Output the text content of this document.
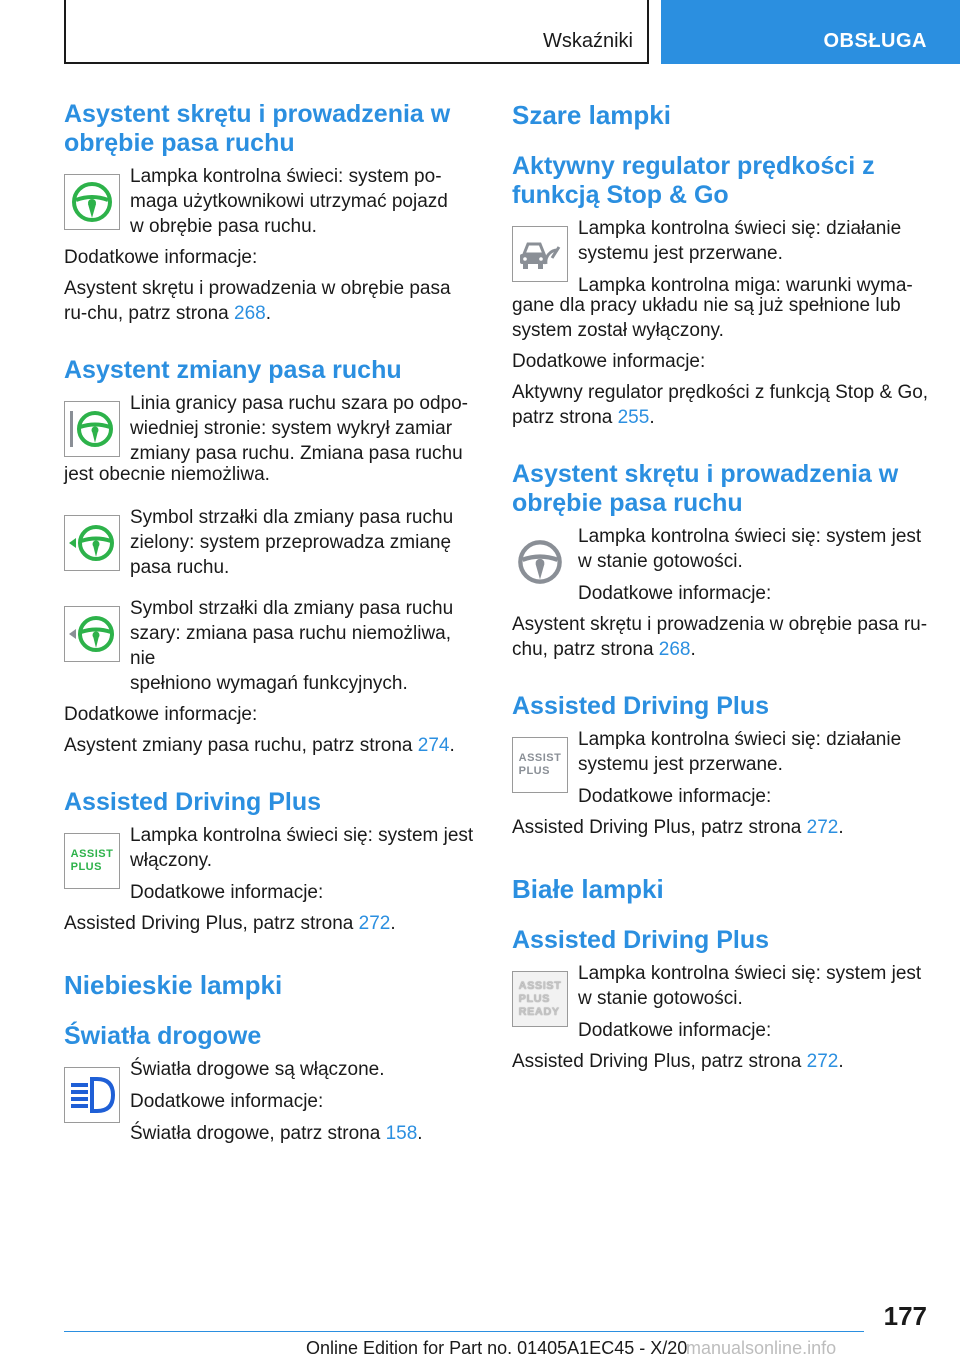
Wskaźniki	OBSŁUGA
Asystent skrętu i prowadzenia w obrębie pasa ruchu
Lampka kontrolna świeci: system po-
maga użytkownikowi utrzymać pojazd
w obrębie pasa ruchu.
Dodatkowe informacje:
Asystent skrętu i prowadzenia w obrębie pasa ru-chu, patrz strona 268.
Asystent zmiany pasa ruchu
Linia granicy pasa ruchu szara po odpo-
wiedniej stronie: system wykrył zamiar
zmiany pasa ruchu. Zmiana pasa ruchu
jest obecnie niemożliwa.
Symbol strzałki dla zmiany pasa ruchu
zielony: system przeprowadza zmianę
pasa ruchu.
Symbol strzałki dla zmiany pasa ruchu
szary: zmiana pasa ruchu niemożliwa, nie
spełniono wymagań funkcyjnych.
Dodatkowe informacje:
Asystent zmiany pasa ruchu, patrz strona 274.
Assisted Driving Plus
ASSIST
PLUS
Lampka kontrolna świeci się: system jest
włączony.
Dodatkowe informacje:
Assisted Driving Plus, patrz strona 272.
Niebieskie lampki
Światła drogowe
Światła drogowe są włączone.
Dodatkowe informacje:
Światła drogowe, patrz strona 158.
Szare lampki
Aktywny regulator prędkości z funkcją Stop & Go
Lampka kontrolna świeci się: działanie
systemu jest przerwane.
Lampka kontrolna miga: warunki wyma-
gane dla pracy układu nie są już spełnione lub system został wyłączony.
Dodatkowe informacje:
Aktywny regulator prędkości z funkcją Stop & Go, patrz strona 255.
Asystent skrętu i prowadzenia w obrębie pasa ruchu
Lampka kontrolna świeci się: system jest
w stanie gotowości.
Dodatkowe informacje:
Asystent skrętu i prowadzenia w obrębie pasa ru-chu, patrz strona 268.
Assisted Driving Plus
ASSIST
PLUS
Lampka kontrolna świeci się: działanie
systemu jest przerwane.
Dodatkowe informacje:
Assisted Driving Plus, patrz strona 272.
Białe lampki
Assisted Driving Plus
ASSIST
PLUS
READY
Lampka kontrolna świeci się: system jest
w stanie gotowości.
Dodatkowe informacje:
Assisted Driving Plus, patrz strona 272.
177
Online Edition for Part no. 01405A1EC45 - X/20
manualsonline.info
